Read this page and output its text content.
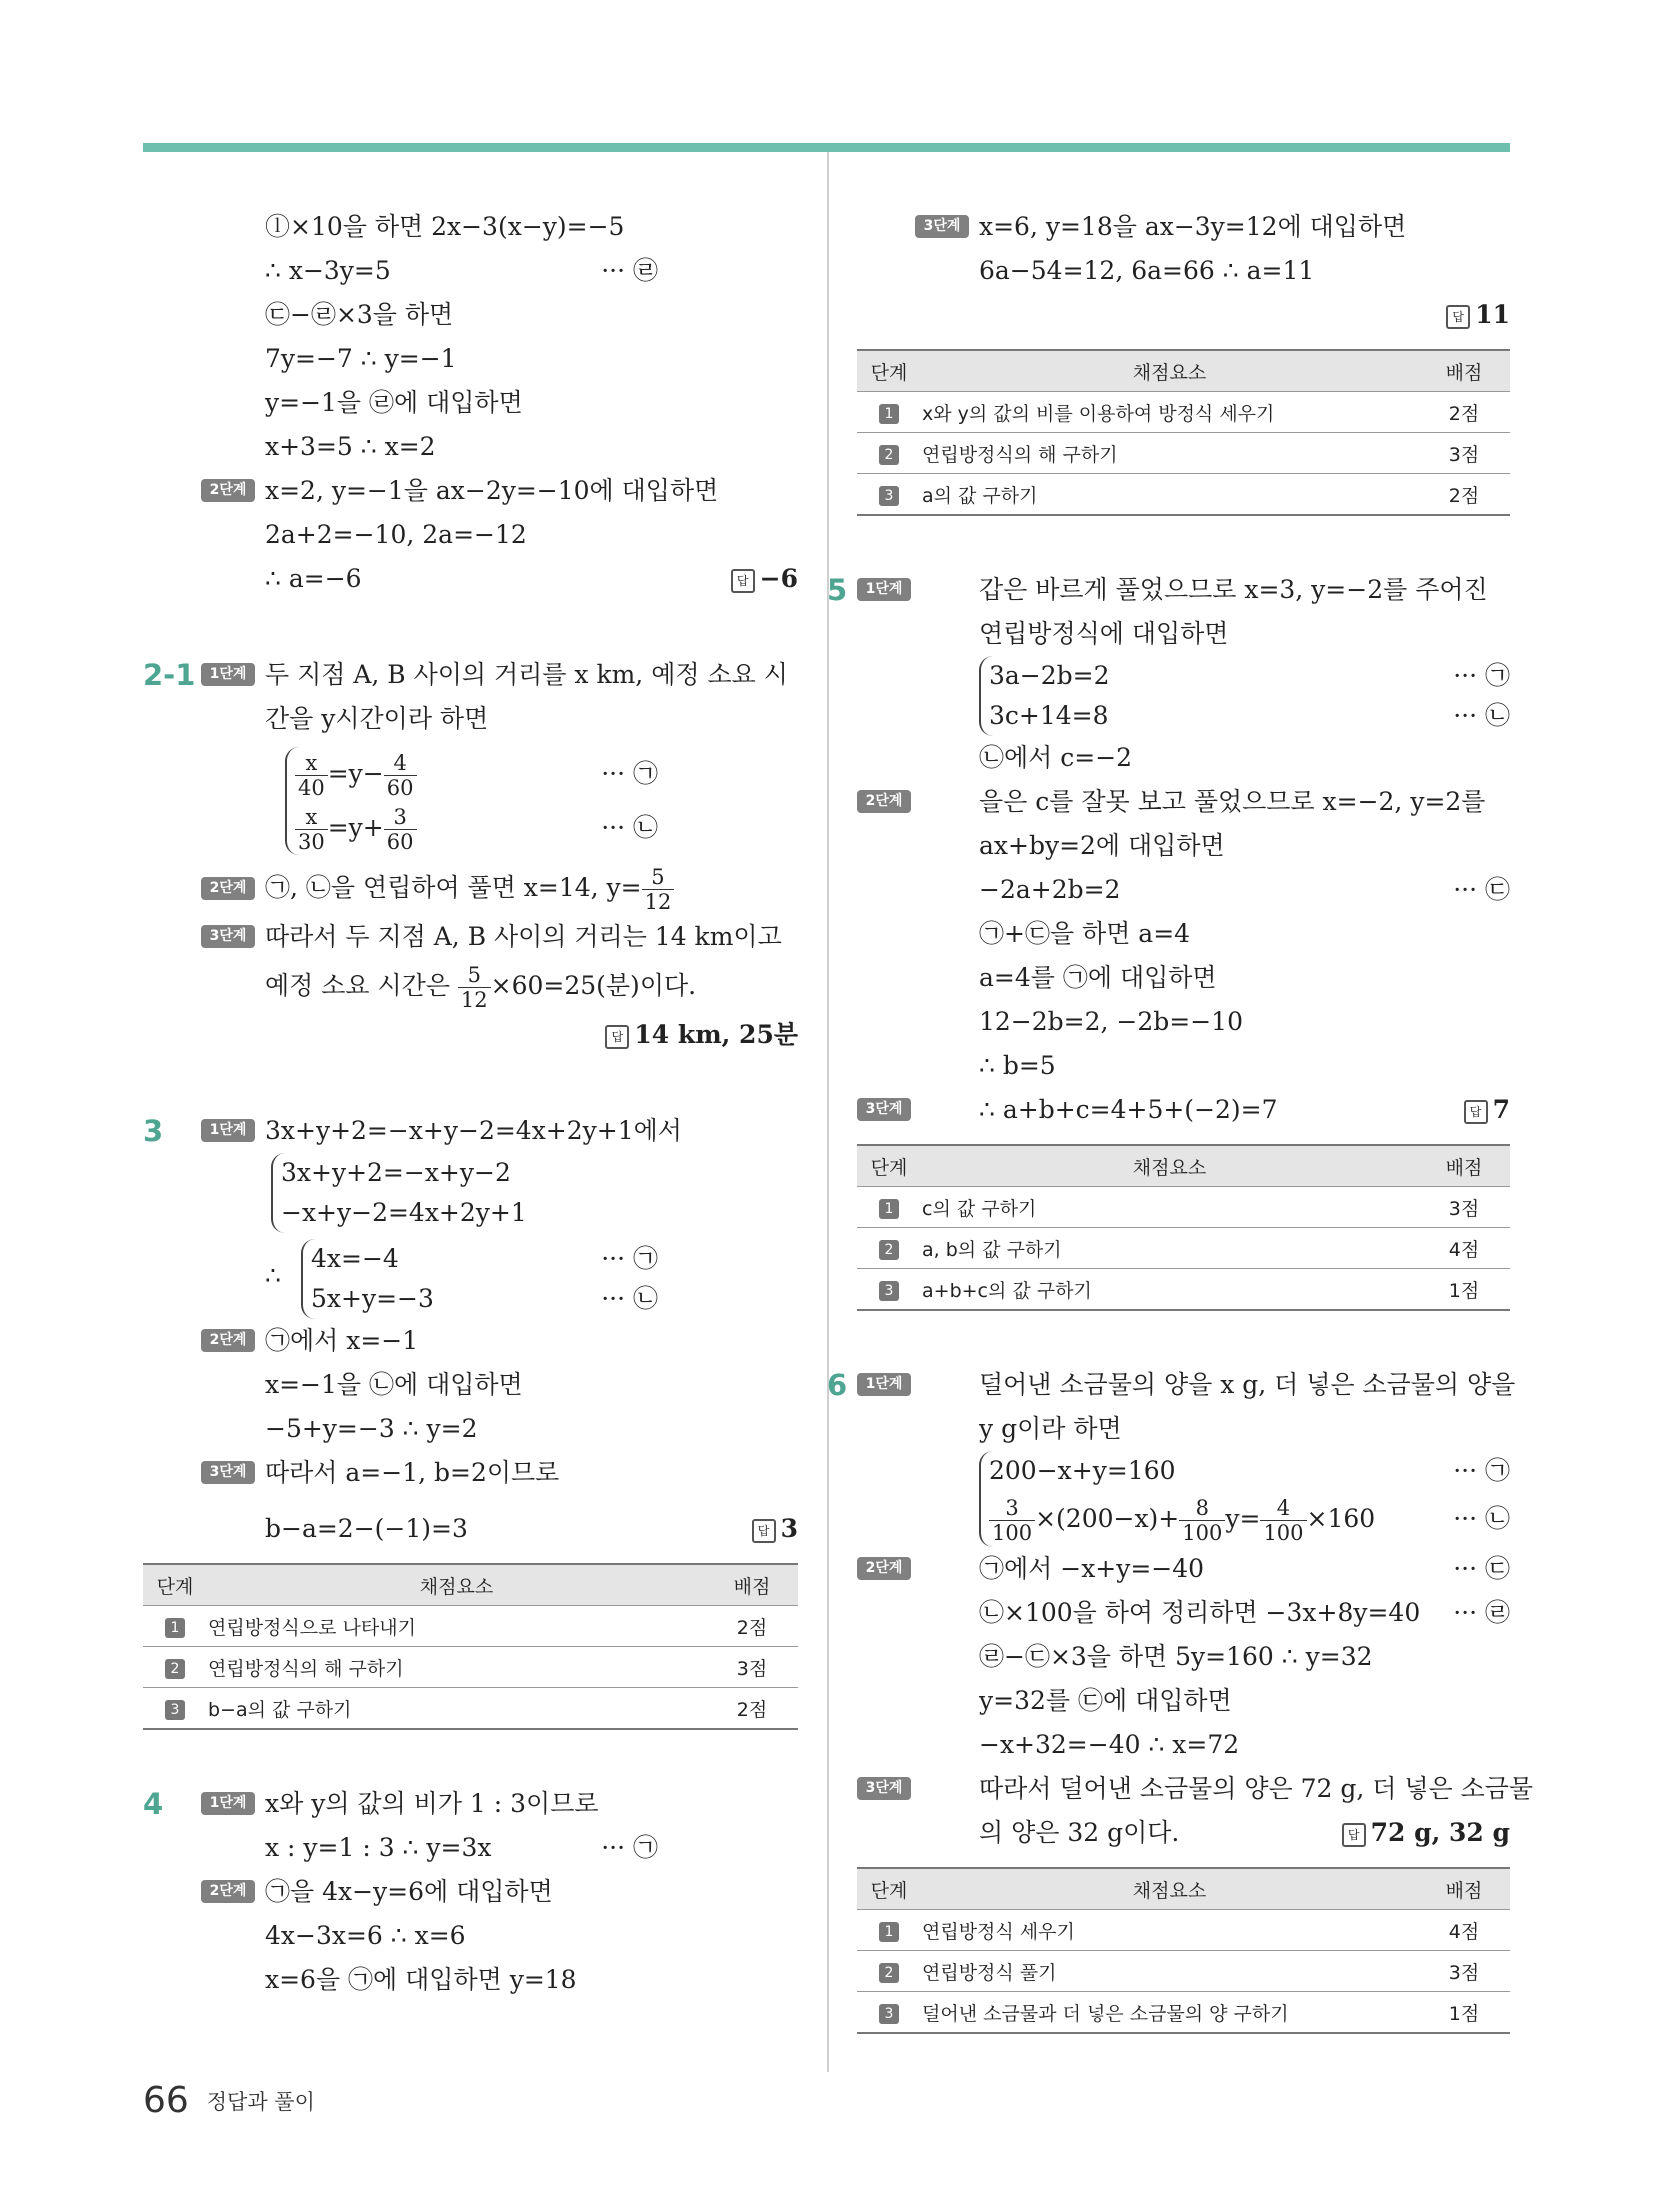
ⓛ×10을 하면 2x−3(x−y)=−5
∴ x−3y=5	··· ㉣
㉢−㉣×3을 하면
7y=−7 ∴ y=−1
y=−1을 ㉣에 대입하면
x+3=5 ∴ x=2
2단계 x=2, y=−1을 ax−2y=−10에 대입하면
2a+2=−10, 2a=−12
∴ a=−6	답 −6
2-1	1단계 두 지점 A, B 사이의 거리를 x km, 예정 소요 시
간을 y시간이라 하면
$\frac{x}{40} =y- \frac{4}{60}$	··· ㉠
$\frac{x}{30} =y+ \frac{3}{60}$	··· ㉡
2단계 ㉠, ㉡을 연립하여 풀면 x=14, $y= \frac{5}{12}$
3단계 따라서 두 지점 A, B 사이의 거리는 14 km이고
예정 소요 시간은 $\frac{5}{12} \times 60=25$(분)이다.
답 14 km, 25분
3	1단계 3x+y+2=−x+y−2=4x+2y+1에서
3x+y+2=−x+y−2
−x+y−2=4x+2y+1
∴
4x=−4	··· ㉠
5x+y=−3	··· ㉡
2단계 ㉠에서 x=−1
x=−1을 ㉡에 대입하면
−5+y=−3 ∴ y=2
3단계 따라서 a=−1, b=2이므로
b−a=2−(−1)=3	답 3
단계	채점요소	배점
1	연립방정식으로 나타내기	2점
2	연립방정식의 해 구하기	3점
3	b−a의 값 구하기	2점
4	1단계 x와 y의 값의 비가 1 : 3이므로
x : y=1 : 3 ∴ y=3x	··· ㉠
2단계 ㉠을 4x−y=6에 대입하면
4x−3x=6 ∴ x=6
x=6을 ㉠에 대입하면 y=18
3단계 x=6, y=18을 ax−3y=12에 대입하면
6a−54=12, 6a=66 ∴ a=11
답 11
단계	채점요소	배점
1	x와 y의 값의 비를 이용하여 방정식 세우기	2점
2	연립방정식의 해 구하기	3점
3	a의 값 구하기	2점
5	1단계	갑은 바르게 풀었으므로 x=3, y=−2를 주어진
연립방정식에 대입하면
3a−2b=2	··· ㉠
3c+14=8	··· ㉡
㉡에서 c=−2
2단계	을은 c를 잘못 보고 풀었으므로 x=−2, y=2를
ax+by=2에 대입하면
−2a+2b=2	··· ㉢
㉠+㉢을 하면 a=4
a=4를 ㉠에 대입하면
12−2b=2, −2b=−10
∴ b=5
3단계	∴ a+b+c=4+5+(−2)=7	답 7
단계	채점요소	배점
1	c의 값 구하기	3점
2	a, b의 값 구하기	4점
3	a+b+c의 값 구하기	1점
6	1단계	덜어낸 소금물의 양을 x g, 더 넣은 소금물의 양을
y g이라 하면
200−x+y=160	··· ㉠
$\frac{3}{100} \times(200-x)+ \frac{8}{100} y= \frac{4}{100} \times 160$	··· ㉡
2단계	㉠에서 −x+y=−40	··· ㉢
㉡×100을 하여 정리하면 −3x+8y=40 ··· ㉣
㉣−㉢×3을 하면 5y=160 ∴ y=32
y=32를 ㉢에 대입하면
−x+32=−40 ∴ x=72
3단계	따라서 덜어낸 소금물의 양은 72 g, 더 넣은 소금물
의 양은 32 g이다.	답 72 g, 32 g
단계	채점요소	배점
1	연립방정식 세우기	4점
2	연립방정식 풀기	3점
3	덜어낸 소금물과 더 넣은 소금물의 양 구하기	1점
66 정답과 풀이
